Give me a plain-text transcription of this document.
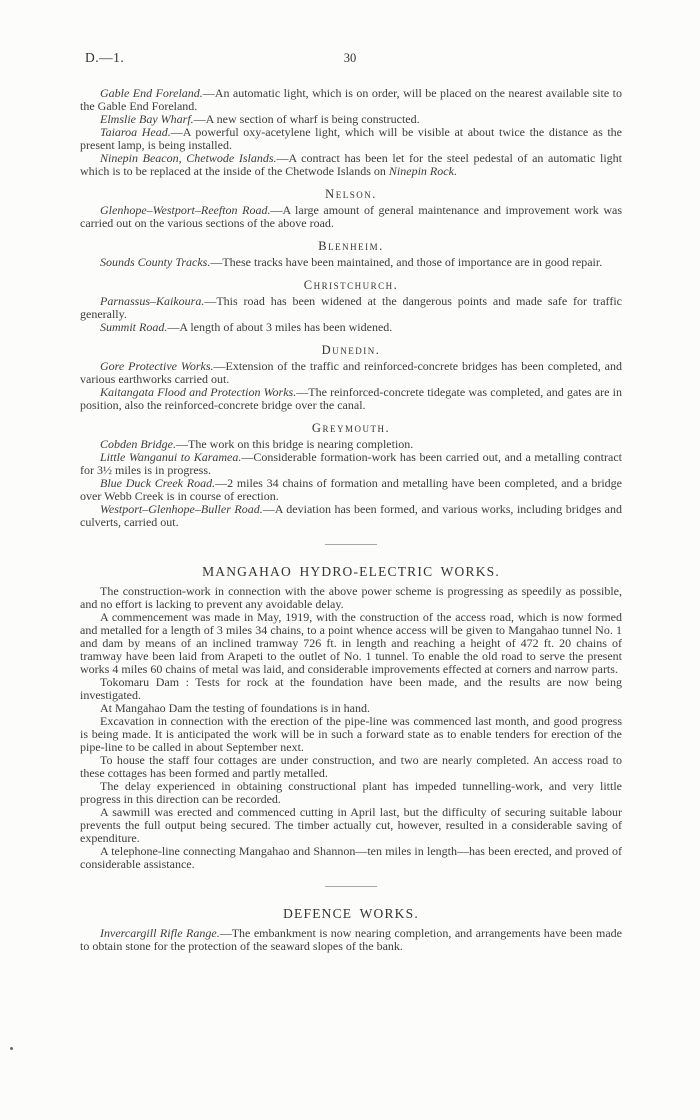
D.—1.	30

Gable End Foreland.—An automatic light, which is on order, will be placed on the nearest available site to the Gable End Foreland.

Elmslie Bay Wharf.—A new section of wharf is being constructed.

Taiaroa Head.—A powerful oxy-acetylene light, which will be visible at about twice the distance as the present lamp, is being installed.

Ninepin Beacon, Chetwode Islands.—A contract has been let for the steel pedestal of an automatic light which is to be replaced at the inside of the Chetwode Islands on Ninepin Rock.

Nelson.

Glenhope–Westport–Reefton Road.—A large amount of general maintenance and improvement work was carried out on the various sections of the above road.

Blenheim.

Sounds County Tracks.—These tracks have been maintained, and those of importance are in good repair.

Christchurch.

Parnassus–Kaikoura.—This road has been widened at the dangerous points and made safe for traffic generally.

Summit Road.—A length of about 3 miles has been widened.

Dunedin.

Gore Protective Works.—Extension of the traffic and reinforced-concrete bridges has been completed, and various earthworks carried out.

Kaitangata Flood and Protection Works.—The reinforced-concrete tidegate was completed, and gates are in position, also the reinforced-concrete bridge over the canal.

Greymouth.

Cobden Bridge.—The work on this bridge is nearing completion.

Little Wanganui to Karamea.—Considerable formation-work has been carried out, and a metalling contract for 3½ miles is in progress.

Blue Duck Creek Road.—2 miles 34 chains of formation and metalling have been completed, and a bridge over Webb Creek is in course of erection.

Westport–Glenhope–Buller Road.—A deviation has been formed, and various works, including bridges and culverts, carried out.

MANGAHAO HYDRO-ELECTRIC WORKS.

The construction-work in connection with the above power scheme is progressing as speedily as possible, and no effort is lacking to prevent any avoidable delay.

A commencement was made in May, 1919, with the construction of the access road, which is now formed and metalled for a length of 3 miles 34 chains, to a point whence access will be given to Mangahao tunnel No. 1 and dam by means of an inclined tramway 726 ft. in length and reaching a height of 472 ft. 20 chains of tramway have been laid from Arapeti to the outlet of No. 1 tunnel. To enable the old road to serve the present works 4 miles 60 chains of metal was laid, and considerable improvements effected at corners and narrow parts.

Tokomaru Dam : Tests for rock at the foundation have been made, and the results are now being investigated.

At Mangahao Dam the testing of foundations is in hand.

Excavation in connection with the erection of the pipe-line was commenced last month, and good progress is being made. It is anticipated the work will be in such a forward state as to enable tenders for erection of the pipe-line to be called in about September next.

To house the staff four cottages are under construction, and two are nearly completed. An access road to these cottages has been formed and partly metalled.

The delay experienced in obtaining constructional plant has impeded tunnelling-work, and very little progress in this direction can be recorded.

A sawmill was erected and commenced cutting in April last, but the difficulty of securing suitable labour prevents the full output being secured. The timber actually cut, however, resulted in a considerable saving of expenditure.

A telephone-line connecting Mangahao and Shannon—ten miles in length—has been erected, and proved of considerable assistance.

DEFENCE WORKS.

Invercargill Rifle Range.—The embankment is now nearing completion, and arrangements have been made to obtain stone for the protection of the seaward slopes of the bank.
